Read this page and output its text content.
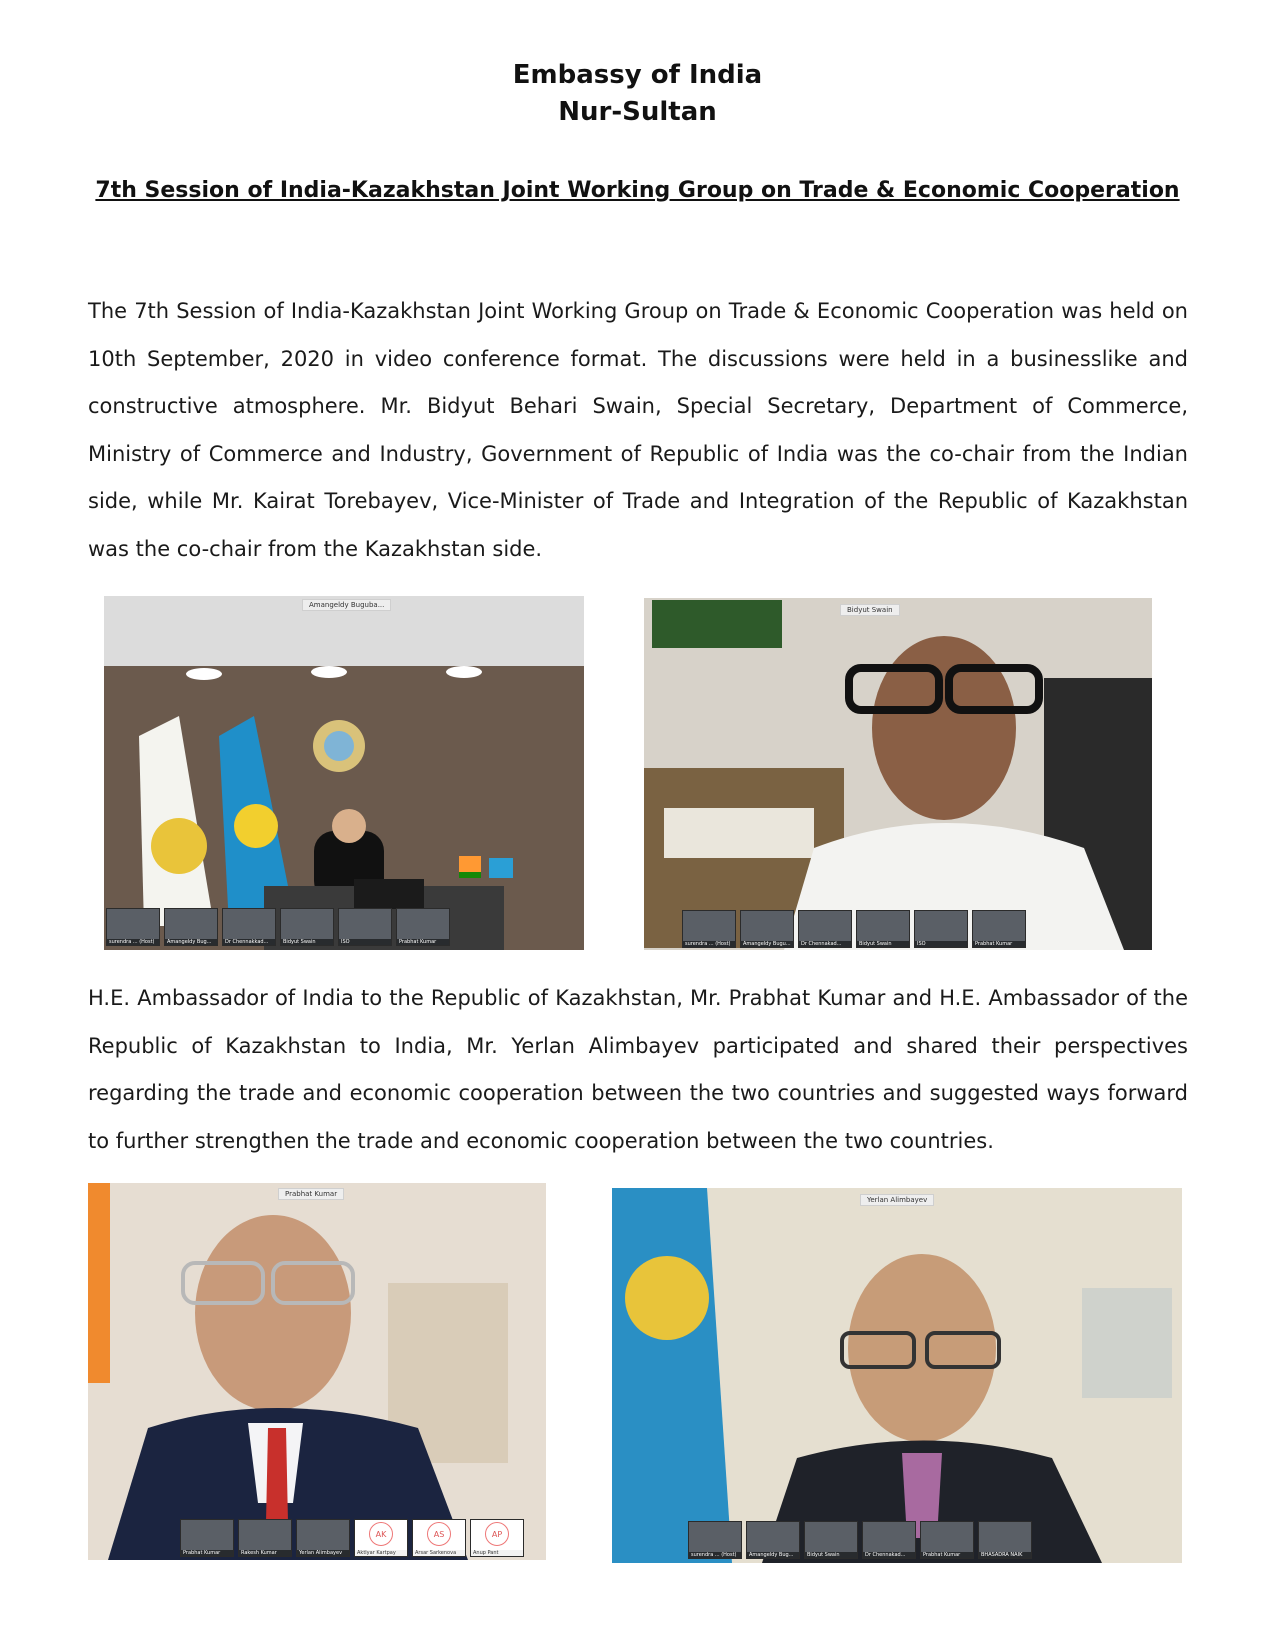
Embassy of India
Nur-Sultan
7th Session of India-Kazakhstan Joint Working Group on Trade & Economic Cooperation
The 7th Session of India-Kazakhstan Joint Working Group on Trade & Economic Cooperation was held on 10th September, 2020 in video conference format. The discussions were held in a businesslike and constructive atmosphere. Mr. Bidyut Behari Swain, Special Secretary, Department of Commerce, Ministry of Commerce and Industry, Government of Republic of India was the co-chair from the Indian side, while Mr. Kairat Torebayev, Vice-Minister of Trade and Integration of the Republic of Kazakhstan was the co-chair from the Kazakhstan side.
Amangeldy Buguba...
surendra ... (Host)	Amangeldy Bug...	Dr Chennakkad...	Bidyut Swain	ISO	Prabhat Kumar
Bidyut Swain
surendra ... (Host)	Amangeldy Bugu...	Dr Chennakad...	Bidyut Swain	ISO	Prabhat Kumar
H.E. Ambassador of India to the Republic of Kazakhstan, Mr. Prabhat Kumar and H.E. Ambassador of the Republic of Kazakhstan to India, Mr. Yerlan Alimbayev participated and shared their perspectives regarding the trade and economic cooperation between the two countries and suggested ways forward to further strengthen the trade and economic cooperation between the two countries.
Prabhat Kumar
Prabhat Kumar	Rakesh Kumar	Yerlan Alimbayev
AK
Aktlyar Kartpay
AS
Arsar Sarkenova
AP
Anup Pant
Yerlan Alimbayev
surendra ... (Host)	Amangeldy Bug...	Bidyut Swain	Dr Chennakad...	Prabhat Kumar	BHASADRA NAIK
